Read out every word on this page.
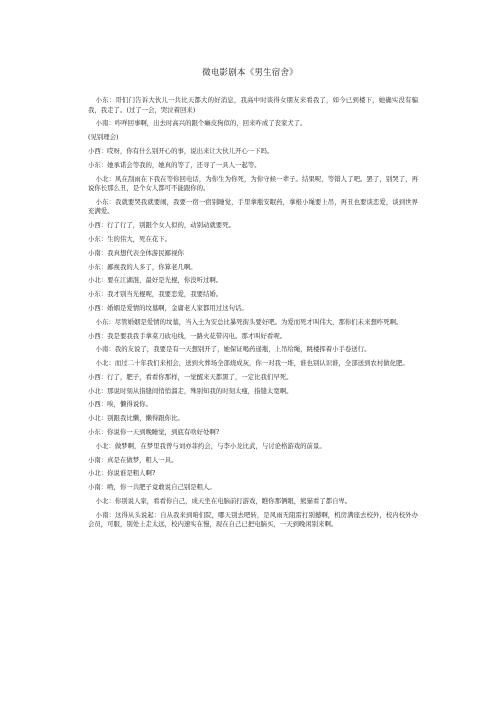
微电影剧本《男生宿舍》

小东：哥们门告诉大伙儿一共比天都大的好消息，我高中时谈得女朋友来看我了，如今已到楼下，她确实没有骗我，我走了。(过了一会，哭泣着回来)

小南：咋咩回事啊，出去时高兴的跟个癞皮狗似的，回来咋成了丧家犬了。

(见别理会)

小西：哎呀，你有什么别开心的事，说出来让大伙儿开心一下吗。

小东：她承诺会等我的，她真的等了，还寻了一具人一起等。

小北：风在刮雨在下我在等你回电话，为你生为你死，为你守候一辈子。结果呢，等错人了吧。罢了，别哭了，再说你长那么丑，是个女人都可不能跟你的。

小东：我就要哭我就要闹，我要一宿一宿别睡觉，手里拿瓶安眠药，拿根小绳要上吊，再丑也要谈恋爱，谈到世界充满爱。

小西：行了行了，别跟个女人似的，动别动就要死。

小东：生的伟大，死在花下。

小南：我真想代表全体游民鄙视你

小东：鄙视我的人多了，你算老几啊。

小北：要在江湖混，最好是光棍，你没听过啊。

小东：我才别当光棍呢，我要恋爱，我要结婚。

小西：婚姻是爱情的坟墓啊，金庸老人家都用过这句话。

小东：尽管婚姻是爱情的坟墓，当入土为安总比暴死街头要好吧。为爱而死才叫伟大，那你们未来想咋死啊。

小西：我是要我我手拿菜刀砍电线，一路火花带闪电。那才叫好看呢。

小南：我的友说了，我要是有一天想别开了，她保证喝药递瓶，上吊给绳，跳楼挥着小手卷送行。

小北：而过二十年我们来相会，送到火葬场全部烧成灰，你一对我一堆，谁也别认识谁，全部送到农村做化肥。

小西：行了，肥子，看看你那样，一觉醒来天都黑了，一定比我们早死。

小北：那说时刻从指缝间悄悄溜走，殊别知我的时刻太瘦，指缝太宽啊。

小西：唉，懒得说你。

小北：别跟我比懒，懒得跟你比。

小东：你说你一天到晚睡觉，到底有啥好处啊?

小北：做梦啊，在梦里我曾与刘亦菲约会，与李小龙比武，与讨论格游戏的前景。

小南：真是在做梦，粗人一具。

小北：你说谁是粗人啊?

小南：哟，你一共肥子竟敢说自己别是粗人。

小北：你别说人家，看看你自己，成天坐在电脑前打游戏，瞧你那俩眼，熊猫看了都自卑。

小南：这得从头说起：自从我来到咱们院，哪天别去吧转，是风雨无阻雷打别撼啊，机房满座去校外，校内校外办会员，可服，别处上走太远，校内速实在慢，现在自己已把电脑买，一天到晚闲别来啊。
